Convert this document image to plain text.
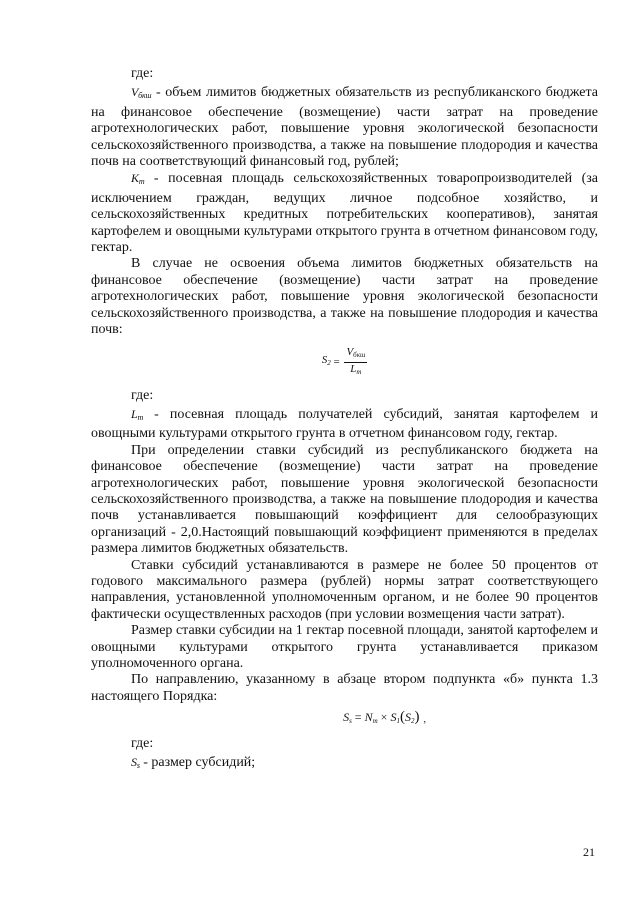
где:

$V_{бкш}$ - объем лимитов бюджетных обязательств из республиканского бюджета на финансовое обеспечение (возмещение) части затрат на проведение агротехнологических работ, повышение уровня экологической безопасности сельскохозяйственного производства, а также на повышение плодородия и качества почв на соответствующий финансовый год, рублей;

$K_m$ - посевная площадь сельскохозяйственных товаропроизводителей (за исключением граждан, ведущих личное подсобное хозяйство, и сельскохозяйственных кредитных потребительских кооперативов), занятая картофелем и овощными культурами открытого грунта в отчетном финансовом году, гектар.

В случае не освоения объема лимитов бюджетных обязательств на финансовое обеспечение (возмещение) части затрат на проведение агротехнологических работ, повышение уровня экологической безопасности сельскохозяйственного производства, а также на повышение плодородия и качества почв:

$S_2 = \frac{V_{бкш}}{L_m}$

где:

$L_m$ - посевная площадь получателей субсидий, занятая картофелем и овощными культурами открытого грунта в отчетном финансовом году, гектар.

При определении ставки субсидий из республиканского бюджета на финансовое обеспечение (возмещение) части затрат на проведение агротехнологических работ, повышение уровня экологической безопасности сельскохозяйственного производства, а также на повышение плодородия и качества почв устанавливается повышающий коэффициент для селообразующих организаций - 2,0.Настоящий повышающий коэффициент применяются в пределах размера лимитов бюджетных обязательств.

Ставки субсидий устанавливаются в размере не более 50 процентов от годового максимального размера (рублей) нормы затрат соответствующего направления, установленной уполномоченным органом, и не более 90 процентов фактически осуществленных расходов (при условии возмещения части затрат).

Размер ставки субсидии на 1 гектар посевной площади, занятой картофелем и овощными культурами открытого грунта устанавливается приказом уполномоченного органа.

По направлению, указанному в абзаце втором подпункта «б» пункта 1.3 настоящего Порядка:

$S_s = N_m \times S_1$ ( $S_2$ ) ,

где:

$S_s$ - размер субсидий;

21
